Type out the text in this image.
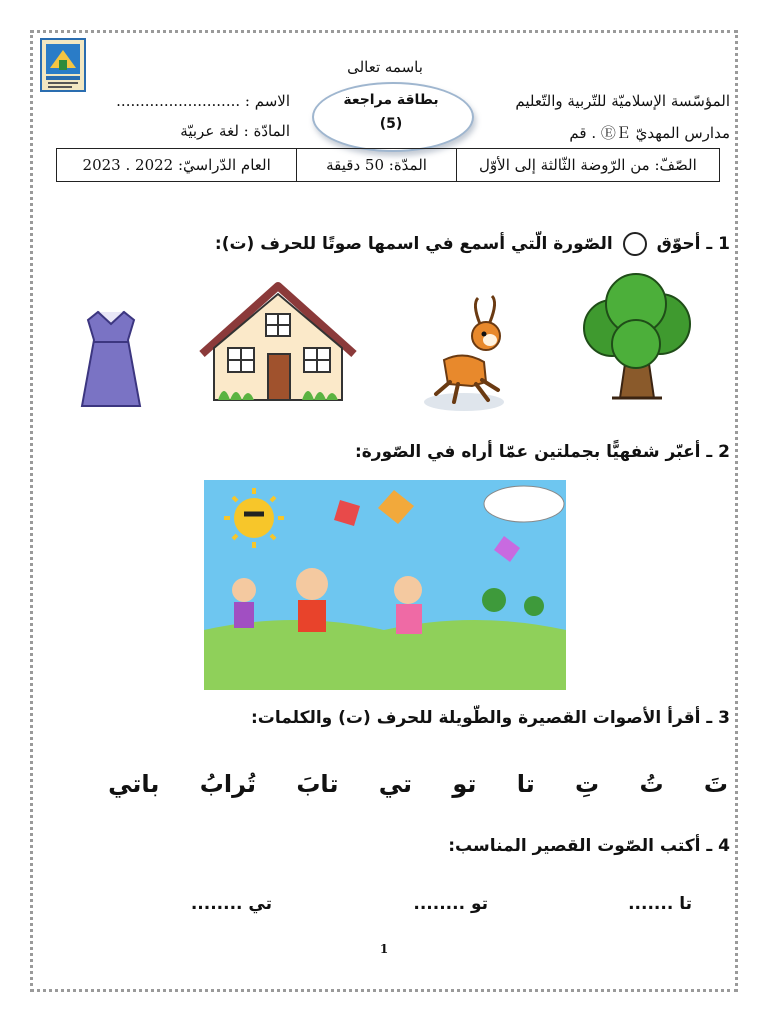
باسمه تعالى
المؤسّسة الإسلاميّة للتّربية والتّعليم
مدارس المهديّ ⒺＥ . قم
الاسم : ..........................
المادّة : لغة عربيّة
بطاقة مراجعة
(5)
الصّفّ: من الرّوضة الثّالثة إلى الأوّل
المدّة: 50 دقيقة
العام الدّراسيّ: 2022 . 2023
1 ـ أحوّق  الصّورة الّتي أسمع في اسمها صوتًا للحرف (ت):
2 ـ أعبّر شفهيًّا بجملتين عمّا أراه في الصّورة:
3 ـ أقرأ الأصوات القصيرة والطّويلة للحرف (ت) والكلمات:
تَ
تُ
تِ
تا
تو
تي
تابَ
تُرابُ
باتي
4 ـ أكتب الصّوت القصير المناسب:
تا .......
تو ........
تي ........
1
